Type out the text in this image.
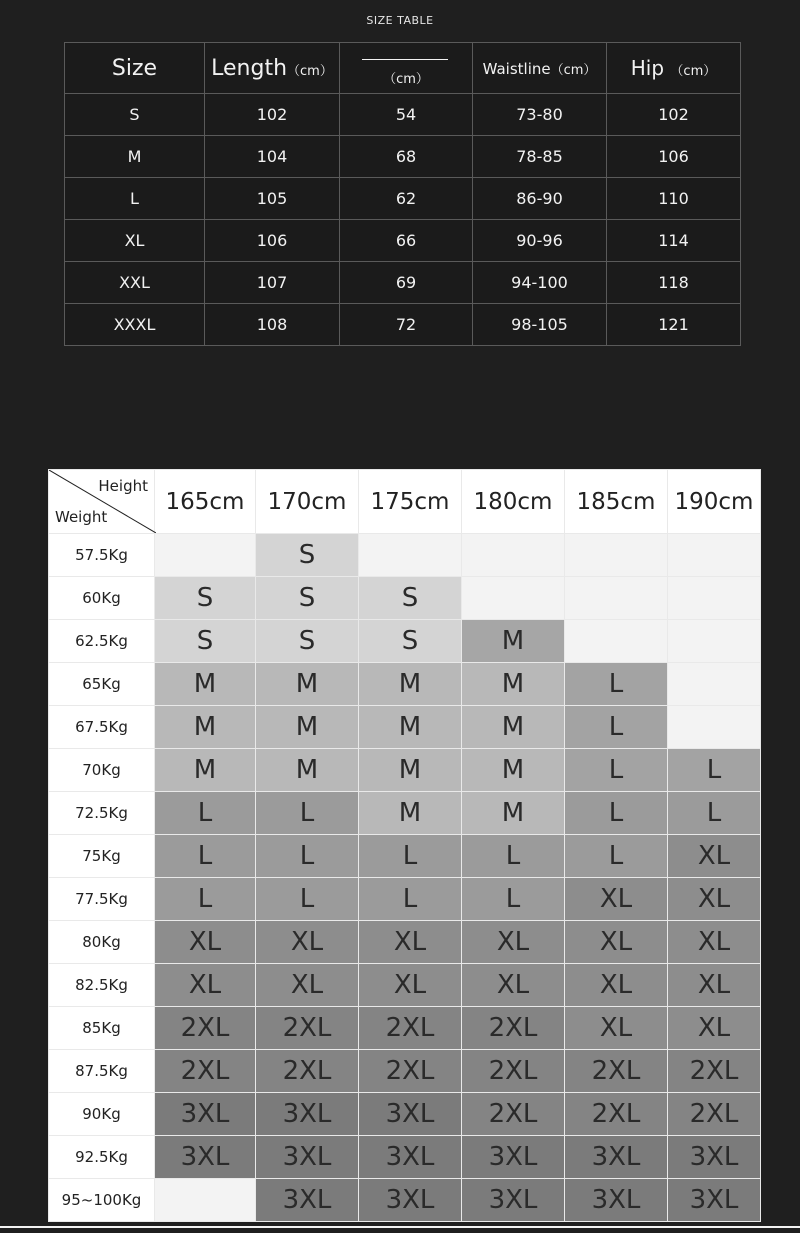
SIZE TABLE
Size	Length（cm）	（cm）	Waistline（cm）	Hip （cm）
S	102	54	73-80	102
M	104	68	78-85	106
L	105	62	86-90	110
XL	106	66	90-96	114
XXL	107	69	94-100	118
XXXL	108	72	98-105	121
Height
Weight	165cm	170cm	175cm	180cm	185cm	190cm
57.5Kg		S				
60Kg	S	S	S			
62.5Kg	S	S	S	M		
65Kg	M	M	M	M	L	
67.5Kg	M	M	M	M	L	
70Kg	M	M	M	M	L	L
72.5Kg	L	L	M	M	L	L
75Kg	L	L	L	L	L	XL
77.5Kg	L	L	L	L	XL	XL
80Kg	XL	XL	XL	XL	XL	XL
82.5Kg	XL	XL	XL	XL	XL	XL
85Kg	2XL	2XL	2XL	2XL	XL	XL
87.5Kg	2XL	2XL	2XL	2XL	2XL	2XL
90Kg	3XL	3XL	3XL	2XL	2XL	2XL
92.5Kg	3XL	3XL	3XL	3XL	3XL	3XL
95~100Kg		3XL	3XL	3XL	3XL	3XL
